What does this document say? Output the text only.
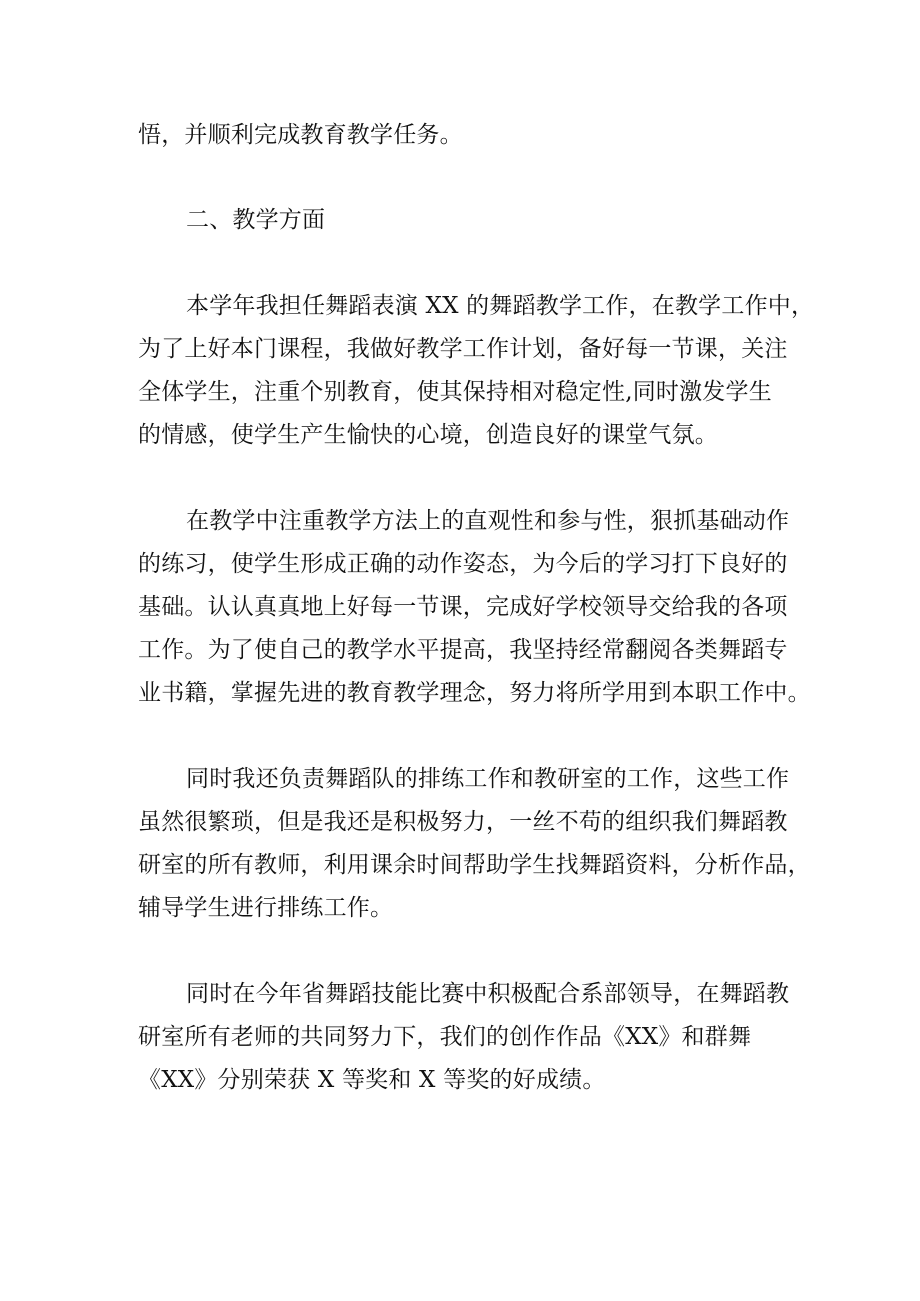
悟，并顺利完成教育教学任务。
二、教学方面
本学年我担任舞蹈表演 XX 的舞蹈教学工作，在教学工作中，
为了上好本门课程，我做好教学工作计划，备好每一节课，关注
全体学生，注重个别教育，使其保持相对稳定性,同时激发学生
的情感，使学生产生愉快的心境，创造良好的课堂气氛。
在教学中注重教学方法上的直观性和参与性，狠抓基础动作
的练习，使学生形成正确的动作姿态，为今后的学习打下良好的
基础。认认真真地上好每一节课，完成好学校领导交给我的各项
工作。为了使自己的教学水平提高，我坚持经常翻阅各类舞蹈专
业书籍，掌握先进的教育教学理念，努力将所学用到本职工作中。
同时我还负责舞蹈队的排练工作和教研室的工作，这些工作
虽然很繁琐，但是我还是积极努力，一丝不苟的组织我们舞蹈教
研室的所有教师，利用课余时间帮助学生找舞蹈资料，分析作品，
辅导学生进行排练工作。
同时在今年省舞蹈技能比赛中积极配合系部领导，在舞蹈教
研室所有老师的共同努力下，我们的创作作品《XX》和群舞
《XX》分别荣获 X 等奖和 X 等奖的好成绩。
